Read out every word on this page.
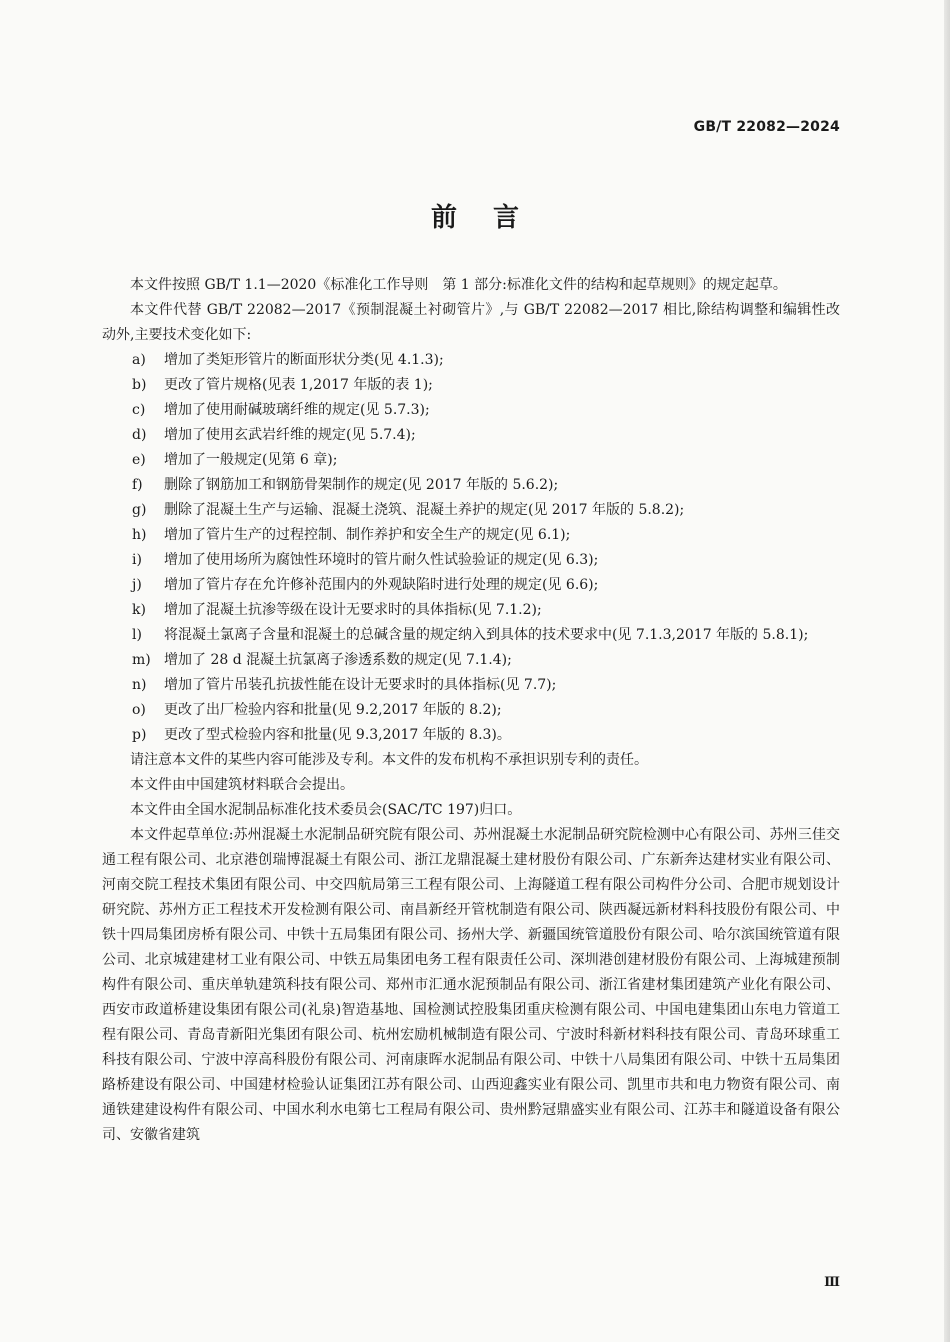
GB/T 22082—2024
前言

本文件按照 GB/T 1.1—2020《标准化工作导则　第 1 部分:标准化文件的结构和起草规则》的规定起草。

本文件代替 GB/T 22082—2017《预制混凝土衬砌管片》,与 GB/T 22082—2017 相比,除结构调整和编辑性改动外,主要技术变化如下:

a)	增加了类矩形管片的断面形状分类(见 4.1.3);

b)	更改了管片规格(见表 1,2017 年版的表 1);

c)	增加了使用耐碱玻璃纤维的规定(见 5.7.3);

d)	增加了使用玄武岩纤维的规定(见 5.7.4);

e)	增加了一般规定(见第 6 章);

f)	删除了钢筋加工和钢筋骨架制作的规定(见 2017 年版的 5.6.2);

g)	删除了混凝土生产与运输、混凝土浇筑、混凝土养护的规定(见 2017 年版的 5.8.2);

h)	增加了管片生产的过程控制、制作养护和安全生产的规定(见 6.1);

i)	增加了使用场所为腐蚀性环境时的管片耐久性试验验证的规定(见 6.3);

j)	增加了管片存在允许修补范围内的外观缺陷时进行处理的规定(见 6.6);

k)	增加了混凝土抗渗等级在设计无要求时的具体指标(见 7.1.2);

l)	将混凝土氯离子含量和混凝土的总碱含量的规定纳入到具体的技术要求中(见 7.1.3,2017 年版的 5.8.1);

m) 增加了 28 d 混凝土抗氯离子渗透系数的规定(见 7.1.4);

n)	增加了管片吊装孔抗拔性能在设计无要求时的具体指标(见 7.7);

o)	更改了出厂检验内容和批量(见 9.2,2017 年版的 8.2);

p)	更改了型式检验内容和批量(见 9.3,2017 年版的 8.3)。

请注意本文件的某些内容可能涉及专利。本文件的发布机构不承担识别专利的责任。

本文件由中国建筑材料联合会提出。

本文件由全国水泥制品标准化技术委员会(SAC/TC 197)归口。

本文件起草单位:苏州混凝土水泥制品研究院有限公司、苏州混凝土水泥制品研究院检测中心有限公司、苏州三佳交通工程有限公司、北京港创瑞博混凝土有限公司、浙江龙鼎混凝土建材股份有限公司、广东新奔达建材实业有限公司、河南交院工程技术集团有限公司、中交四航局第三工程有限公司、上海隧道工程有限公司构件分公司、合肥市规划设计研究院、苏州方正工程技术开发检测有限公司、南昌新经开管枕制造有限公司、陕西凝远新材料科技股份有限公司、中铁十四局集团房桥有限公司、中铁十五局集团有限公司、扬州大学、新疆国统管道股份有限公司、哈尔滨国统管道有限公司、北京城建建材工业有限公司、中铁五局集团电务工程有限责任公司、深圳港创建材股份有限公司、上海城建预制构件有限公司、重庆单轨建筑科技有限公司、郑州市汇通水泥预制品有限公司、浙江省建材集团建筑产业化有限公司、西安市政道桥建设集团有限公司(礼泉)智造基地、国检测试控股集团重庆检测有限公司、中国电建集团山东电力管道工程有限公司、青岛青新阳光集团有限公司、杭州宏励机械制造有限公司、宁波时科新材料科技有限公司、青岛环球重工科技有限公司、宁波中淳高科股份有限公司、河南康晖水泥制品有限公司、中铁十八局集团有限公司、中铁十五局集团路桥建设有限公司、中国建材检验认证集团江苏有限公司、山西迎鑫实业有限公司、凯里市共和电力物资有限公司、南通铁建建设构件有限公司、中国水利水电第七工程局有限公司、贵州黔冠鼎盛实业有限公司、江苏丰和隧道设备有限公司、安徽省建筑

Ⅲ
